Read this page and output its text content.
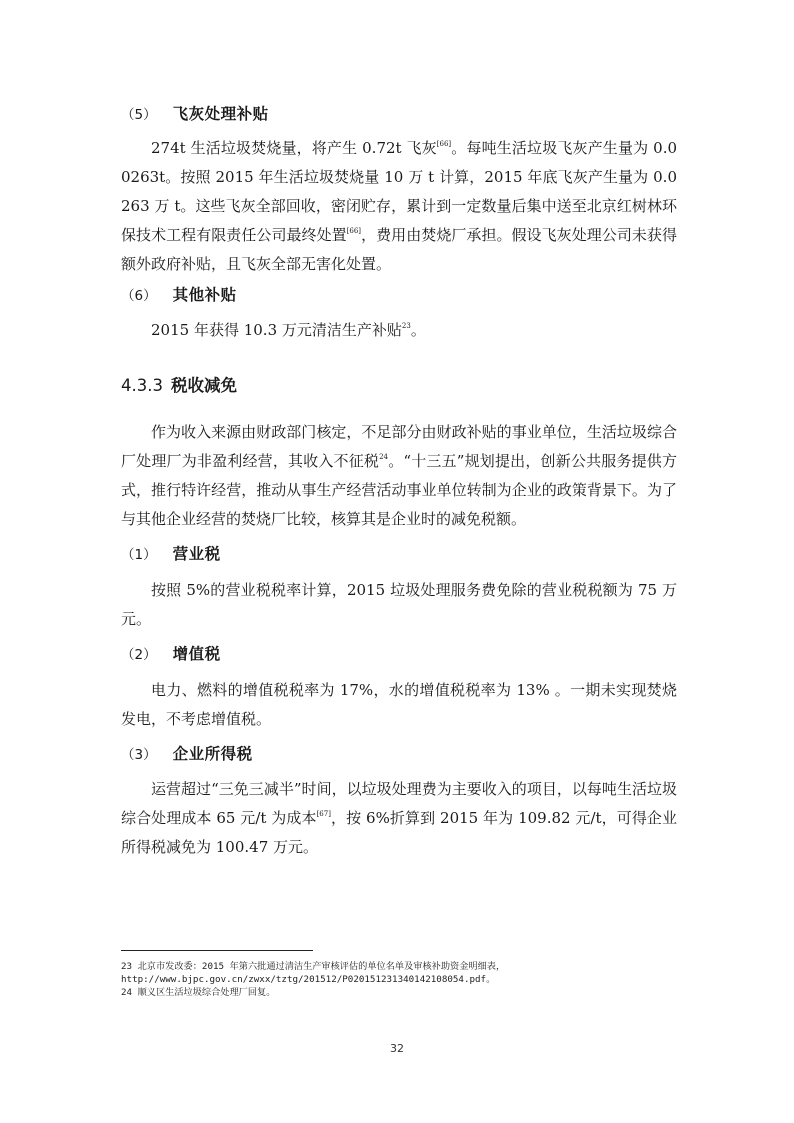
（5） 飞灰处理补贴

274t 生活垃圾焚烧量，将产生 0.72t 飞灰[66]。每吨生活垃圾飞灰产生量为 0.00263t。按照 2015 年生活垃圾焚烧量 10 万 t 计算，2015 年底飞灰产生量为 0.0263 万 t。这些飞灰全部回收，密闭贮存，累计到一定数量后集中送至北京红树林环保技术工程有限责任公司最终处置[66]，费用由焚烧厂承担。假设飞灰处理公司未获得额外政府补贴，且飞灰全部无害化处置。

（6） 其他补贴

2015 年获得 10.3 万元清洁生产补贴$^{23}$。

4.3.3 税收减免

作为收入来源由财政部门核定，不足部分由财政补贴的事业单位，生活垃圾综合厂处理厂为非盈利经营，其收入不征税$^{24}$。“十三五”规划提出，创新公共服务提供方式，推行特许经营，推动从事生产经营活动事业单位转制为企业的政策背景下。为了与其他企业经营的焚烧厂比较，核算其是企业时的减免税额。

（1） 营业税

按照 5%的营业税税率计算，2015 垃圾处理服务费免除的营业税税额为 75 万元。

（2） 增值税

电力、燃料的增值税税率为 17%，水的增值税税率为 13% 。一期未实现焚烧发电，不考虑增值税。

（3） 企业所得税

运营超过“三免三减半”时间，以垃圾处理费为主要收入的项目，以每吨生活垃圾综合处理成本 65 元/t 为成本[67]，按 6%折算到 2015 年为 109.82 元/t，可得企业所得税减免为 100.47 万元。

23 北京市发改委：2015 年第六批通过清洁生产审核评估的单位名单及审核补助资金明细表，
http://www.bjpc.gov.cn/zwxx/tztg/201512/P020151231340142108054.pdf。
24 顺义区生活垃圾综合处理厂回复。
32
